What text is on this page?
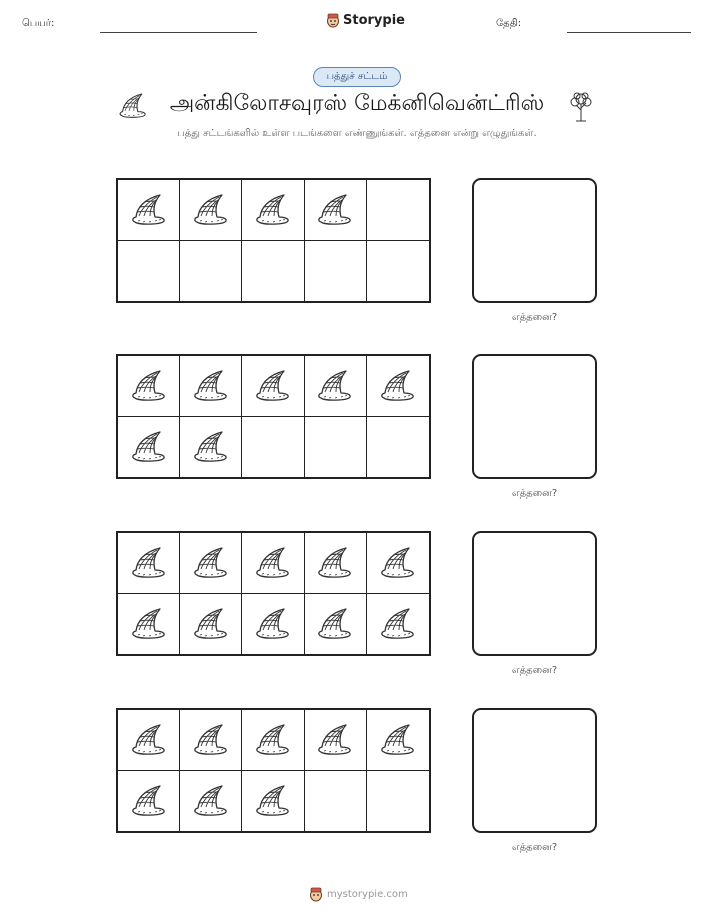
பெயர்:	Storypie	தேதி:
பத்துச் சட்டம்
அன்கிலோசவுரஸ் மேக்னிவென்ட்ரிஸ்
பத்து சட்டங்களில் உள்ள படங்களை எண்ணுங்கள். எத்தனை என்று எழுதுங்கள்.
எத்தனை?
எத்தனை?
எத்தனை?
எத்தனை?
mystorypie.com
